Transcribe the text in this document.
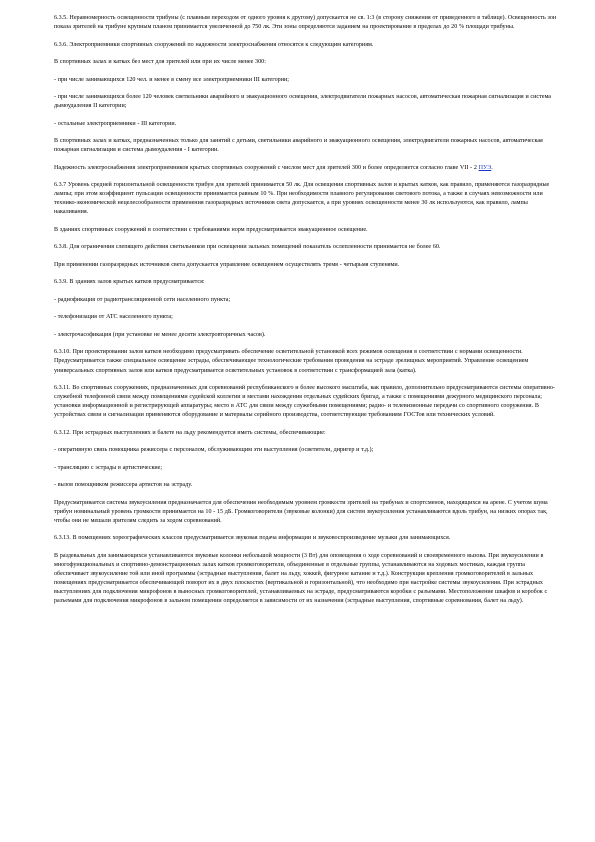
6.3.5. Неравномерность освещенности трибуны (с плавным переходом от одного уровня к другому) допускается не св. 1:3 (в сторону снижения от приведенного в таблице). Освещенность зон показа зрителей на трибуне крупным планом принимается увеличенной до 750 лк. Эти зоны определяются заданием на проектирование в пределах до 20 % площади трибуны.

6.3.6. Электроприемники спортивных сооружений по надежности электроснабжения относятся к следующим категориям.

В спортивных залах и катках без мест для зрителей или при их числе менее 300:

- при числе занимающихся 120 чел. и менее в смену все электроприемники III категории;

- при числе занимающихся более 120 человек светильники аварийного и эвакуационного освещения, электродвигатели пожарных насосов, автоматическая пожарная сигнализация и система дымоудаления II категории;

- остальные электроприемники - III категории.

В спортивных залах и катках, предназначенных только для занятий с детьми, светильники аварийного и эвакуационного освещения, электродвигатели пожарных насосов, автоматическая пожарная сигнализация и система дымоудаления - I категории.

Надежность электроснабжения электроприемников крытых спортивных сооружений с числом мест для зрителей 300 и более определяется согласно главе VII - 2 ПУЭ.

6.3.7 Уровень средней горизонтальной освещенности трибун для зрителей принимается 50 лк. Для освещения спортивных залов и крытых катков, как правило, применяются газоразрядные лампы; при этом коэффициент пульсации освещенности принимается равным 10 %. При необходимости плавного регулирования светового потока, а также в случаях невозможности или технико-экономической нецелесообразности применения газоразрядных источников света допускается, а при уровнях освещенности менее 30 лк используются, как правило, лампы накаливания.

В зданиях спортивных сооружений в соответствии с требованиями норм предусматривается эвакуационное освещение.

6.3.8. Для ограничения слепящего действия светильников при освещении зальных помещений показатель ослепленности принимается не более 60.

При применении газоразрядных источников света допускается управление освещением осуществлять тремя - четырьмя ступенями.

6.3.9. В зданиях залов крытых катков предусматривается:

- радиофикация от радиотрансляционной сети населенного пункта;

- телефонизация от АТС населенного пункта;

- электрочасофикация (при установке не менее десяти электровторичных часов).

6.3.10. При проектировании залов катков необходимо предусматривать обеспечение осветительной установкой всех режимов освещения в соответствии с нормами освещенности. Предусматривается также специальное освещение эстрады, обеспечивающее технологические требования проведения на эстраде зрелищных мероприятий. Управление освещением универсальных спортивных залов или катков предусматривается осветительных установок в соответствии с трансформацией зала (катка).

6.3.11. Во спортивных сооружениях, предназначенных для соревнований республиканского и более высокого масштаба, как правило, дополнительно предусматриваются системы оперативно-служебной телефонной связи между помещениями судейской коллегии и местами нахождения отдельных судейских бригад, а также с помещениями дежурного медицинского персонала; установки информационной и регистрирующей аппаратуры; место в АТС для связи между служебными помещениями; радио- и телевизионные передачи со спортивного сооружения. В устройствах связи и сигнализации применяются оборудование и материалы серийного производства, соответствующие требованиям ГОСТов или технических условий.

6.3.12. При эстрадных выступлениях и балете на льду рекомендуется иметь системы, обеспечивающие:

- оперативную связь помощника режиссера с персоналом, обслуживающим эти выступления (осветители, диригер и т.д.);

- трансляцию с эстрады в артистические;

- вызов помощником режиссера артистов на эстраду.

Предусматривается система звукоусиления предназначается для обеспечения необходимым уровнем громкости зрителей на трибунах и спортсменов, находящихся на арене. С учетом шума трибун номинальный уровень громкости принимается на 10 - 15 дБ. Громкоговорители (звуковые колонки) для систем звукоусиления устанавливаются вдоль трибун, на низких опорах так, чтобы они не мешали зрителям следить за ходом соревнований.

6.3.13. В помещениях хореографических классов предусматривается звуковая подача информации и звуковоспроизведение музыки для занимающихся.

В раздевальных для занимающихся устанавливаются звуковые колонки небольшой мощности (3 Вт) для оповещения о ходе соревнований и своевременного вызова. При звукоусилении в многофункциональных и спортивно-демонстрационных залах катков громкоговорители, объединенные в отдельные группы, устанавливаются на ходовых мостиках, каждая группа обеспечивает звукоусиление той или иной программы (эстрадные выступления, балет на льду, хоккей, фигурное катание и т.д.). Конструкция крепления громкоговорителей в зальных помещениях предусматривается обеспечивающей поворот их в двух плоскостях (вертикальной и горизонтальной), что необходимо при настройке системы звукоусиления. При эстрадных выступлениях для подключения микрофонов в выносных громкоговорителей, устанавливаемых на эстраде, предусматриваются коробки с разъемами. Местоположение шкафов и коробок с разъемами для подключения микрофонов в зальном помещении определяется в зависимости от их назначения (эстрадные выступления, спортивные соревнования, балет на льду).
